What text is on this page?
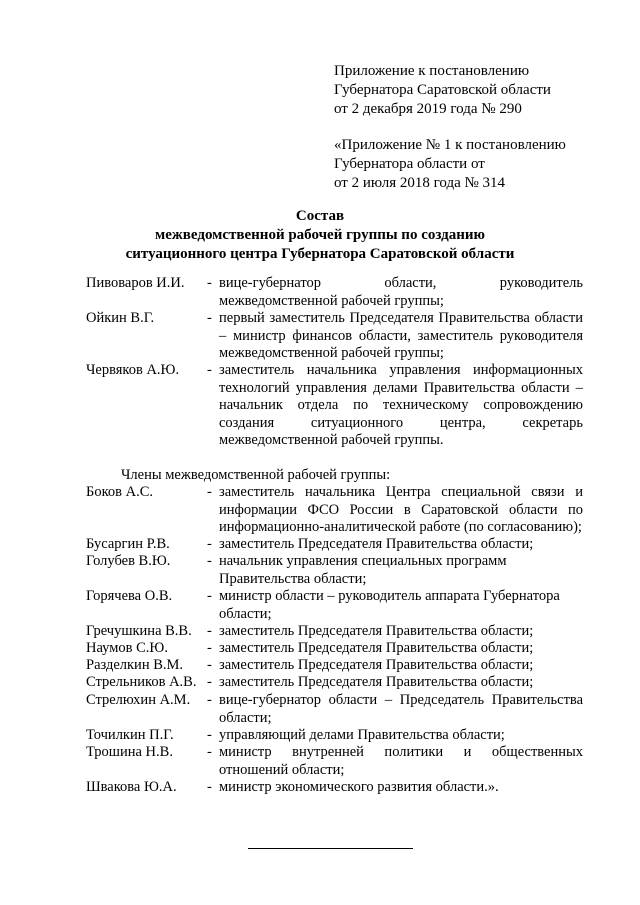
Приложение к постановлению
Губернатора Саратовской области
от 2 декабря 2019 года № 290
«Приложение № 1 к постановлению
Губернатора области от
от 2 июля 2018 года № 314
Состав
межведомственной рабочей группы по созданию
ситуационного центра Губернатора Саратовской области
Пивоваров И.И. - вице-губернатор области, руководитель межведомственной рабочей группы;
Ойкин В.Г.	- первый заместитель Председателя Правительства области – министр финансов области, заместитель руководителя межведомственной рабочей группы;
Червяков А.Ю. - заместитель начальника управления информационных технологий управления делами Правительства области – начальник отдела по техническому сопровождению создания ситуационного центра, секретарь межведомственной рабочей группы.
Члены межведомственной рабочей группы:
Боков А.С.	- заместитель начальника Центра специальной связи и информации ФСО России в Саратовской области по информационно-аналитической работе (по согласованию);
Бусаргин Р.В.	- заместитель Председателя Правительства области;
Голубев В.Ю.	- начальник управления специальных программ Правительства области;
Горячева О.В. - министр области – руководитель аппарата Губернатора области;
Гречушкина В.В. - заместитель Председателя Правительства области;
Наумов С.Ю.	- заместитель Председателя Правительства области;
Разделкин В.М. - заместитель Председателя Правительства области;
Стрельников А.В. - заместитель Председателя Правительства области;
Стрелюхин А.М. - вице-губернатор области – Председатель Правительства области;
Точилкин П.Г. - управляющий делами Правительства области;
Трошина Н.В. - министр внутренней политики и общественных отношений области;
Швакова Ю.А. - министр экономического развития области.».
